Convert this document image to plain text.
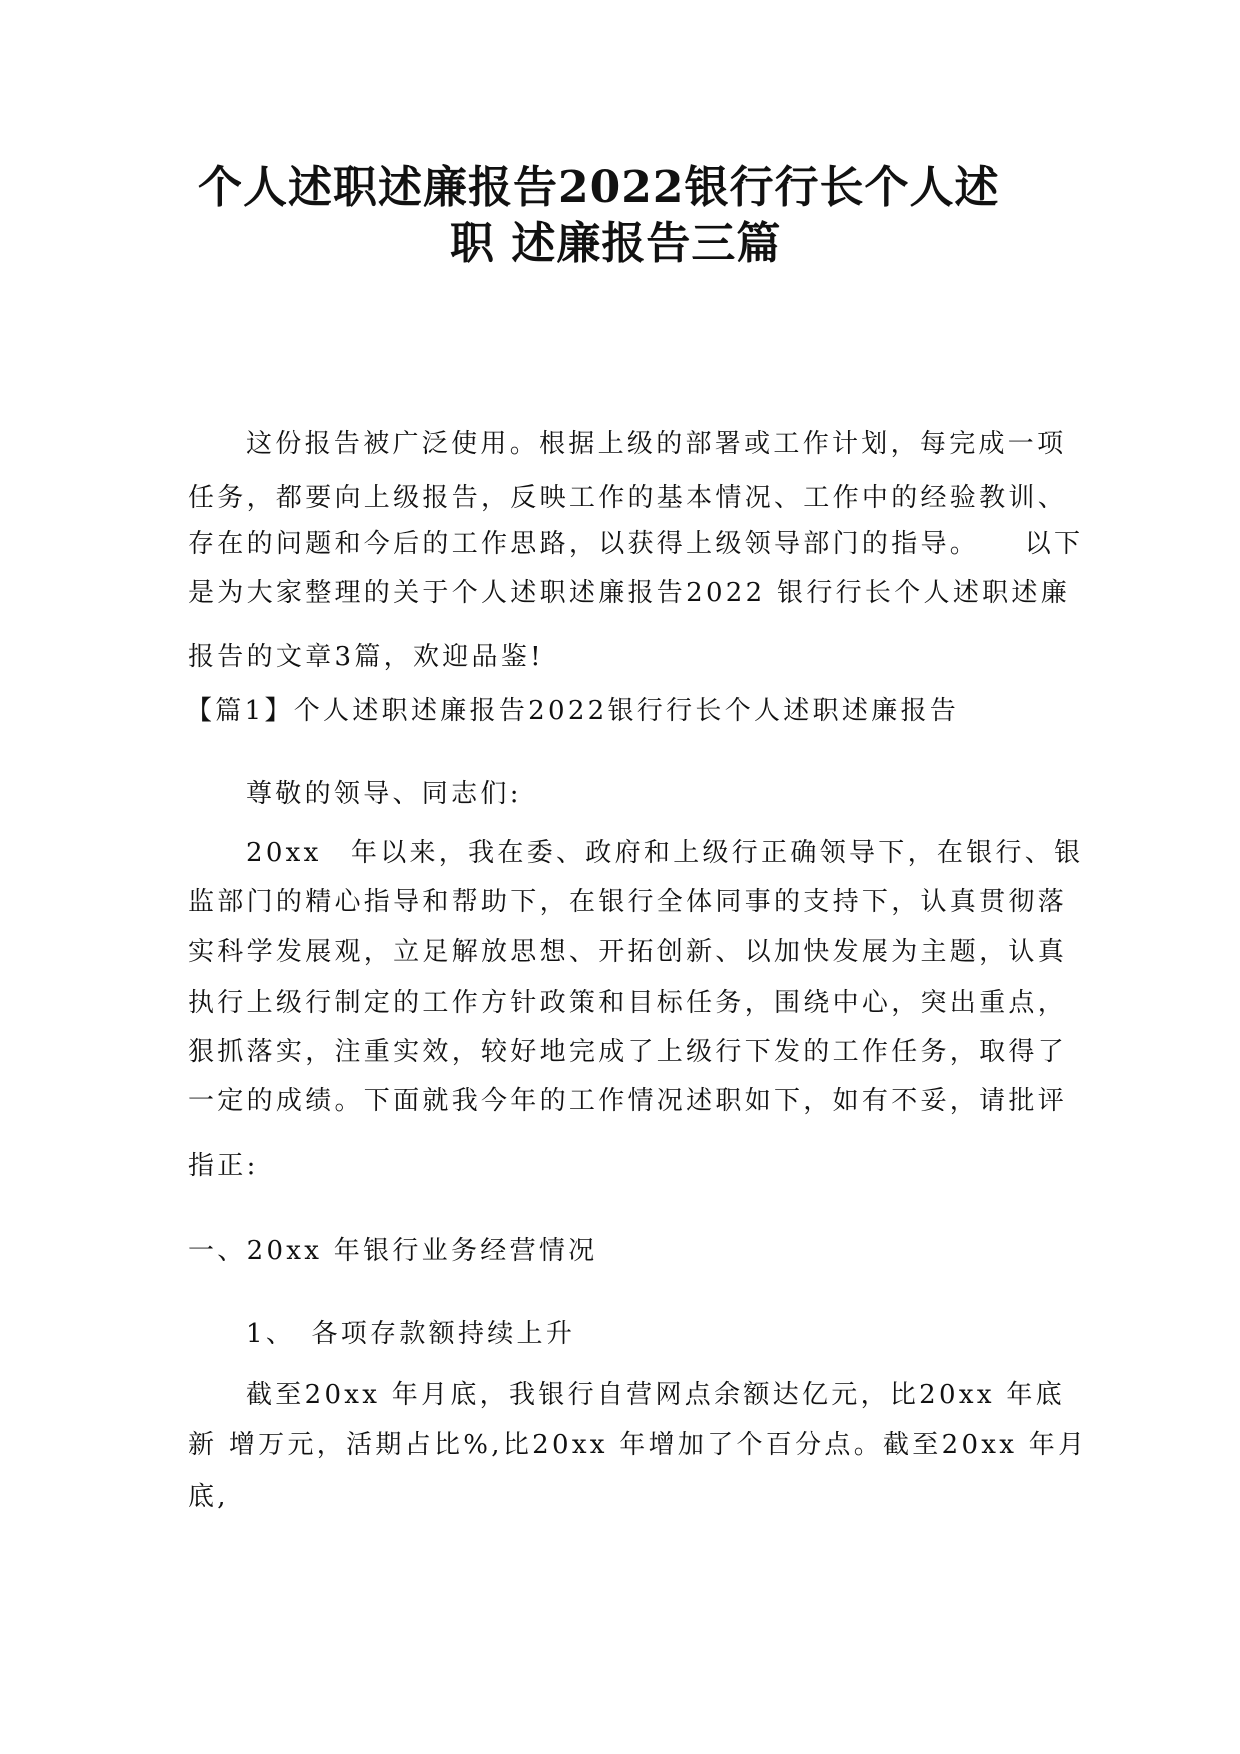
个人述职述廉报告2022银行行长个人述
职 述廉报告三篇
这份报告被广泛使用。根据上级的部署或工作计划，每完成一项
任务，都要向上级报告，反映工作的基本情况、工作中的经验教训、
存在的问题和今后的工作思路，以获得上级领导部门的指导。　　以下
是为大家整理的关于个人述职述廉报告2022 银行行长个人述职述廉
报告的文章3篇，欢迎品鉴!
【篇1】个人述职述廉报告2022银行行长个人述职述廉报告
尊敬的领导、同志们:
20xx　年以来，我在委、政府和上级行正确领导下，在银行、银
监部门的精心指导和帮助下，在银行全体同事的支持下，认真贯彻落
实科学发展观，立足解放思想、开拓创新、以加快发展为主题，认真
执行上级行制定的工作方针政策和目标任务，围绕中心，突出重点，
狠抓落实，注重实效，较好地完成了上级行下发的工作任务，取得了
一定的成绩。下面就我今年的工作情况述职如下，如有不妥，请批评
指正:
一、20xx 年银行业务经营情况
1、　各项存款额持续上升
截至20xx 年月底，我银行自营网点余额达亿元，比20xx 年底
新 增万元，活期占比%,比20xx 年增加了个百分点。截至20xx 年月
底,
